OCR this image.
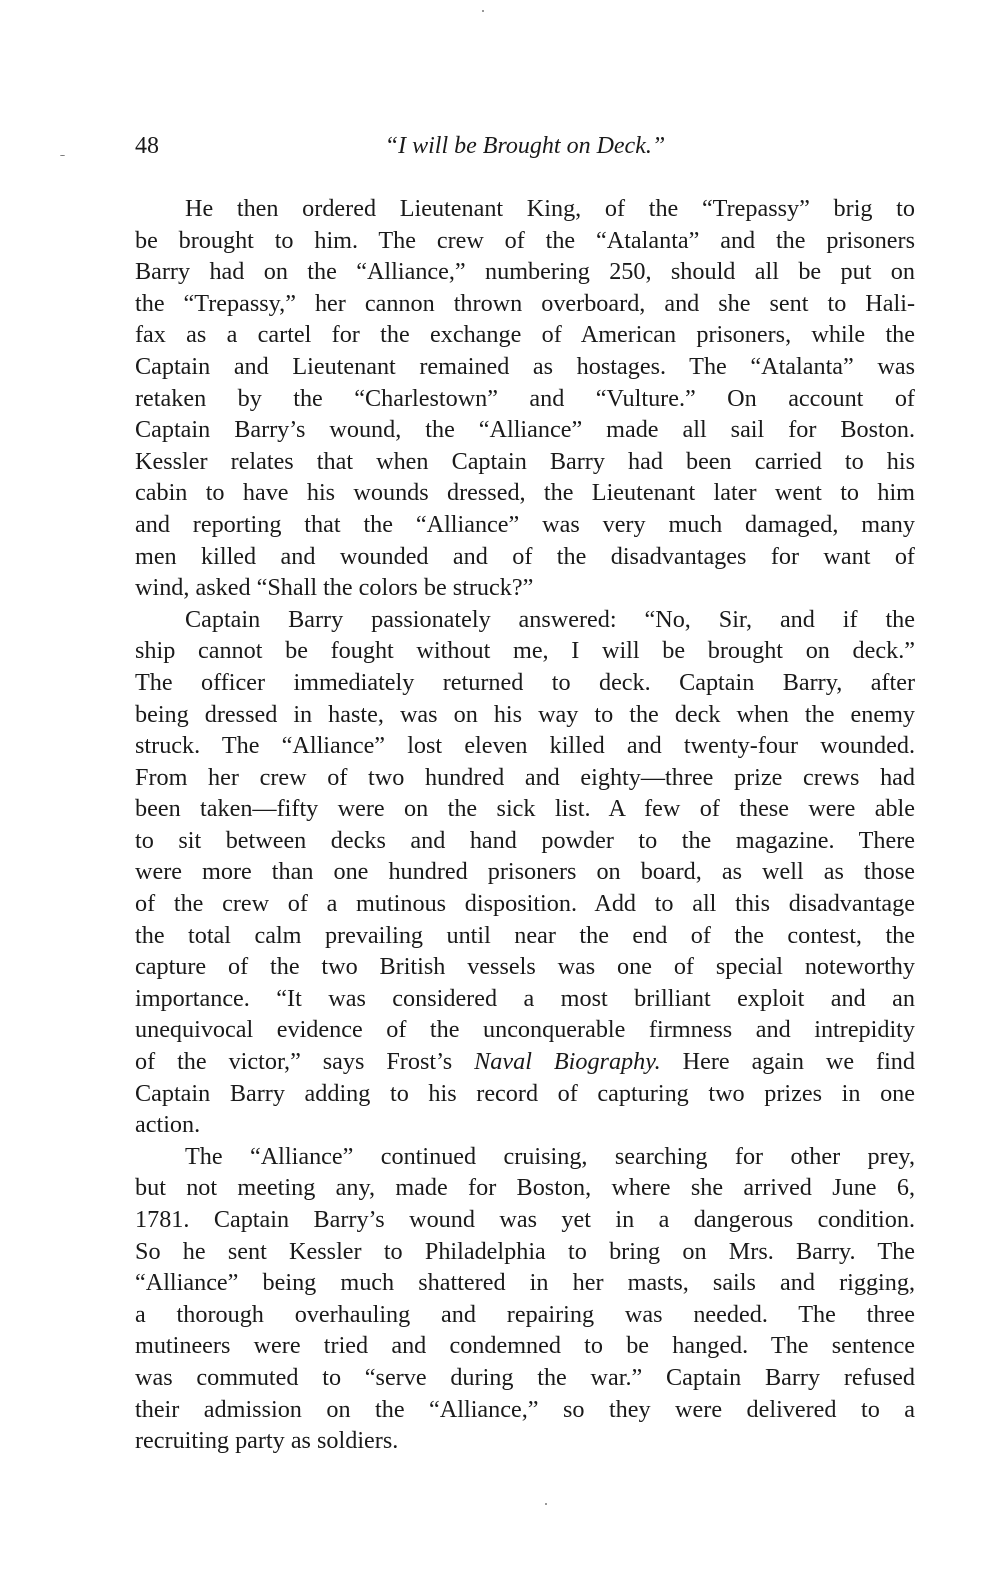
48	“I will be Brought on Deck.”
He then ordered Lieutenant King, of the “Trepassy” brig to
be brought to him. The crew of the “Atalanta” and the prisoners
Barry had on the “Alliance,” numbering 250, should all be put on
the “Trepassy,” her cannon thrown overboard, and she sent to Hali-
fax as a cartel for the exchange of American prisoners, while the
Captain and Lieutenant remained as hostages. The “Atalanta” was
retaken by the “Charlestown” and “Vulture.” On account of
Captain Barry’s wound, the “Alliance” made all sail for Boston.
Kessler relates that when Captain Barry had been carried to his
cabin to have his wounds dressed, the Lieutenant later went to him
and reporting that the “Alliance” was very much damaged, many
men killed and wounded and of the disadvantages for want of
wind, asked “Shall the colors be struck?”
Captain Barry passionately answered: “No, Sir, and if the
ship cannot be fought without me, I will be brought on deck.”
The officer immediately returned to deck. Captain Barry, after
being dressed in haste, was on his way to the deck when the enemy
struck. The “Alliance” lost eleven killed and twenty-four wounded.
From her crew of two hundred and eighty—three prize crews had
been taken—fifty were on the sick list. A few of these were able
to sit between decks and hand powder to the magazine. There
were more than one hundred prisoners on board, as well as those
of the crew of a mutinous disposition. Add to all this disadvantage
the total calm prevailing until near the end of the contest, the
capture of the two British vessels was one of special noteworthy
importance. “It was considered a most brilliant exploit and an
unequivocal evidence of the unconquerable firmness and intrepidity
of the victor,” says Frost’s Naval Biography. Here again we find
Captain Barry adding to his record of capturing two prizes in one
action.
The “Alliance” continued cruising, searching for other prey,
but not meeting any, made for Boston, where she arrived June 6,
1781. Captain Barry’s wound was yet in a dangerous condition.
So he sent Kessler to Philadelphia to bring on Mrs. Barry. The
“Alliance” being much shattered in her masts, sails and rigging,
a thorough overhauling and repairing was needed. The three
mutineers were tried and condemned to be hanged. The sentence
was commuted to “serve during the war.” Captain Barry refused
their admission on the “Alliance,” so they were delivered to a
recruiting party as soldiers.
